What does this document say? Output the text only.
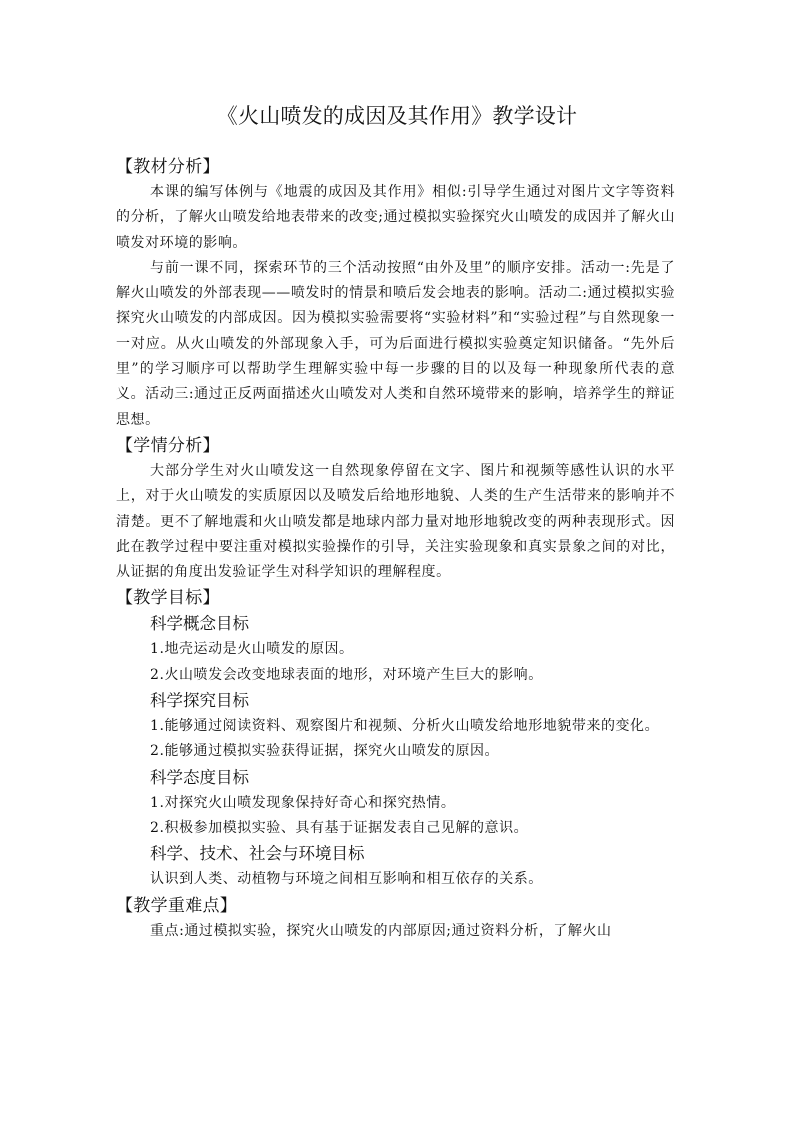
《火山喷发的成因及其作用》教学设计

【教材分析】

本课的编写体例与《地震的成因及其作用》相似:引导学生通过对图片文字等资料的分析，了解火山喷发给地表带来的改变;通过模拟实验探究火山喷发的成因并了解火山喷发对环境的影响。

与前一课不同，探索环节的三个活动按照“由外及里”的顺序安排。活动一:先是了解火山喷发的外部表现——喷发时的情景和喷后发会地表的影响。活动二:通过模拟实验探究火山喷发的内部成因。因为模拟实验需要将“实验材料”和“实验过程”与自然现象一一对应。从火山喷发的外部现象入手，可为后面进行模拟实验奠定知识储备。“先外后里”的学习顺序可以帮助学生理解实验中每一步骤的目的以及每一种现象所代表的意义。活动三:通过正反两面描述火山喷发对人类和自然环境带来的影响，培养学生的辩证思想。

【学情分析】

大部分学生对火山喷发这一自然现象停留在文字、图片和视频等感性认识的水平上，对于火山喷发的实质原因以及喷发后给地形地貌、人类的生产生活带来的影响并不清楚。更不了解地震和火山喷发都是地球内部力量对地形地貌改变的两种表现形式。因此在教学过程中要注重对模拟实验操作的引导，关注实验现象和真实景象之间的对比，从证据的角度出发验证学生对科学知识的理解程度。

【教学目标】

科学概念目标

1.地壳运动是火山喷发的原因。

2.火山喷发会改变地球表面的地形，对环境产生巨大的影响。

科学探究目标

1.能够通过阅读资料、观察图片和视频、分析火山喷发给地形地貌带来的变化。

2.能够通过模拟实验获得证据，探究火山喷发的原因。

科学态度目标

1.对探究火山喷发现象保持好奇心和探究热情。

2.积极参加模拟实验、具有基于证据发表自己见解的意识。

科学、技术、社会与环境目标

认识到人类、动植物与环境之间相互影响和相互依存的关系。

【教学重难点】

重点:通过模拟实验，探究火山喷发的内部原因;通过资料分析，了解火山
